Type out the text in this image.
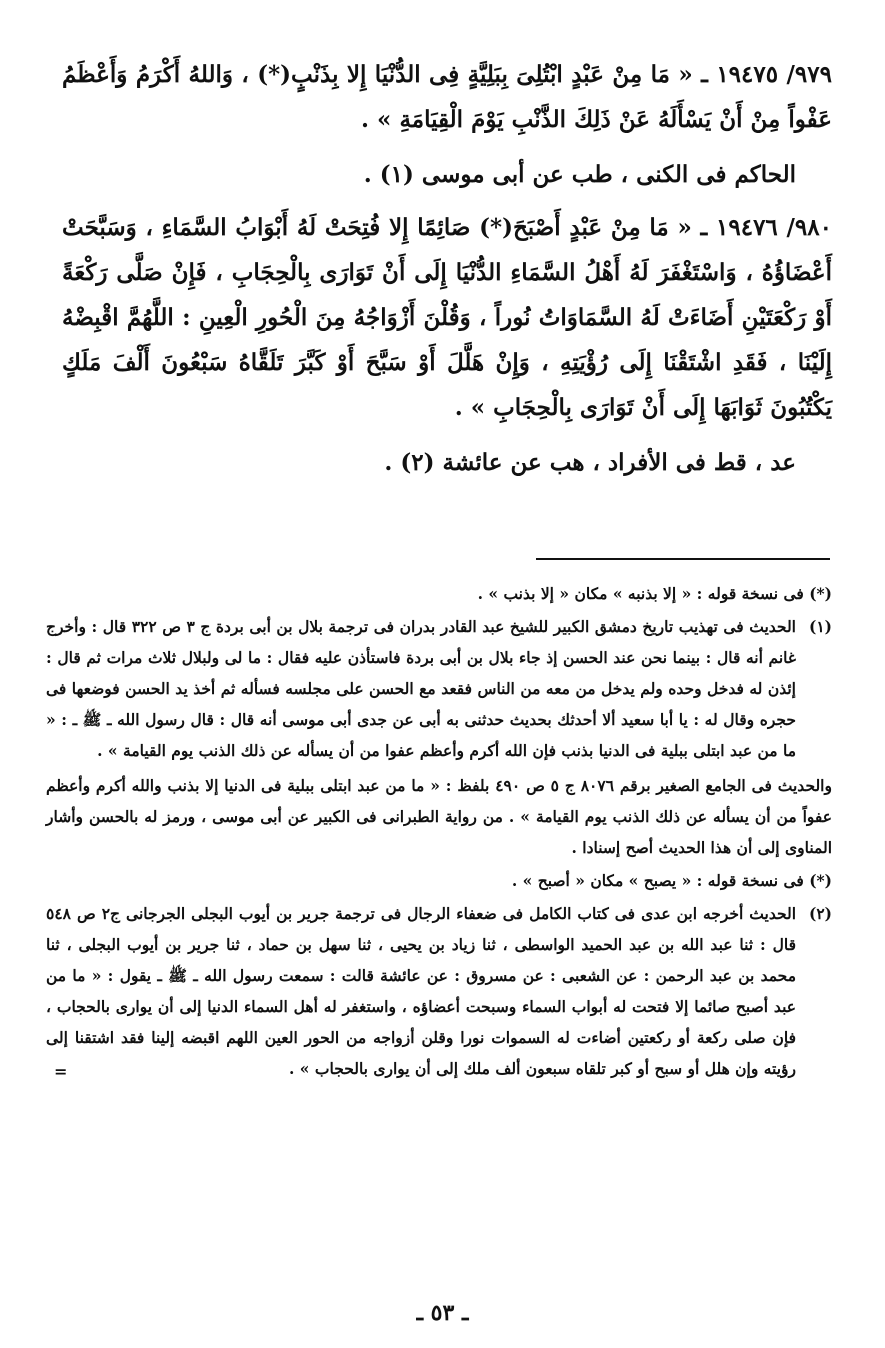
٩٧٩/ ١٩٤٧٥ ـ « مَا مِنْ عَبْدٍ ابْتُلِىَ بِبَلِيَّةٍ فِى الدُّنْيَا إِلا بِذَنْبٍ(*) ، وَاللهُ أَكْرَمُ وَأَعْظَمُ عَفْواً مِنْ أَنْ يَسْأَلَهُ عَنْ ذَلِكَ الذَّنْبِ يَوْمَ الْقِيَامَةِ » .

الحاكم فى الكنى ، طب عن أبى موسى (١) .

٩٨٠/ ١٩٤٧٦ ـ « مَا مِنْ عَبْدٍ أَصْبَحَ(*) صَائِمًا إِلا فُتِحَتْ لَهُ أَبْوَابُ السَّمَاءِ ، وَسَبَّحَتْ أَعْضَاؤُهُ ، وَاسْتَغْفَرَ لَهُ أَهْلُ السَّمَاءِ الدُّنْيَا إِلَى أَنْ تَوَارَى بِالْحِجَابِ ، فَإِنْ صَلَّى رَكْعَةً أَوْ رَكْعَتَيْنِ أَضَاءَتْ لَهُ السَّمَاوَاتُ نُوراً ، وَقُلْنَ أَزْوَاجُهُ مِنَ الْحُورِ الْعِينِ : اللَّهُمَّ اقْبِضْهُ إِلَيْنَا ، فَقَدِ اشْتَقْنَا إِلَى رُؤْيَتِهِ ، وَإِنْ هَلَّلَ أَوْ سَبَّحَ أَوْ كَبَّرَ تَلَقَّاهُ سَبْعُونَ أَلْفَ مَلَكٍ يَكْتُبُونَ ثَوَابَهَا إِلَى أَنْ تَوَارَى بِالْحِجَابِ » .

عد ، قط فى الأفراد ، هب عن عائشة (٢) .

(*) فى نسخة قوله : « إلا بذنبه » مكان « إلا بذنب » .

(١)
الحديث فى تهذيب تاريخ دمشق الكبير للشيخ عبد القادر بدران فى ترجمة بلال بن أبى بردة ج ٣ ص ٣٢٢ قال : وأخرج غانم أنه قال : بينما نحن عند الحسن إذ جاء بلال بن أبى بردة فاستأذن عليه فقال : ما لى ولبلال ثلاث مرات ثم قال : إئذن له فدخل وحده ولم يدخل من معه من الناس فقعد مع الحسن على مجلسه فسأله ثم أخذ يد الحسن فوضعها فى حجره وقال له : يا أبا سعيد ألا أحدثك بحديث حدثنى به أبى عن جدى أبى موسى أنه قال : قال رسول الله ـ ﷺ ـ : « ما من عبد ابتلى ببلية فى الدنيا بذنب فإن الله أكرم وأعظم عفوا من أن يسأله عن ذلك الذنب يوم القيامة » .

والحديث فى الجامع الصغير برقم ٨٠٧٦ ج ٥ ص ٤٩٠ بلفظ : « ما من عبد ابتلى ببلية فى الدنيا إلا بذنب والله أكرم وأعظم عفواً من أن يسأله عن ذلك الذنب يوم القيامة » . من رواية الطبرانى فى الكبير عن أبى موسى ، ورمز له بالحسن وأشار المناوى إلى أن هذا الحديث أصح إسنادا .

(*) فى نسخة قوله : « يصبح » مكان « أصبح » .

(٢)
الحديث أخرجه ابن عدى فى كتاب الكامل فى ضعفاء الرجال فى ترجمة جرير بن أيوب البجلى الجرجانى ج٢ ص ٥٤٨ قال : ثنا عبد الله بن عبد الحميد الواسطى ، ثنا زياد بن يحيى ، ثنا سهل بن حماد ، ثنا جرير بن أيوب البجلى ، ثنا محمد بن عبد الرحمن : عن الشعبى : عن مسروق : عن عائشة قالت : سمعت رسول الله ـ ﷺ ـ يقول : « ما من عبد أصبح صائما إلا فتحت له أبواب السماء وسبحت أعضاؤه ، واستغفر له أهل السماء الدنيا إلى أن يوارى بالحجاب ، فإن صلى ركعة أو ركعتين أضاءت له السموات نورا وقلن أزواجه من الحور العين اللهم اقبضه إلينا فقد اشتقنا إلى رؤيته وإن هلل أو سبح أو كبر تلقاه سبعون ألف ملك إلى أن يوارى بالحجاب » .

=
ـ ٥٣ ـ
